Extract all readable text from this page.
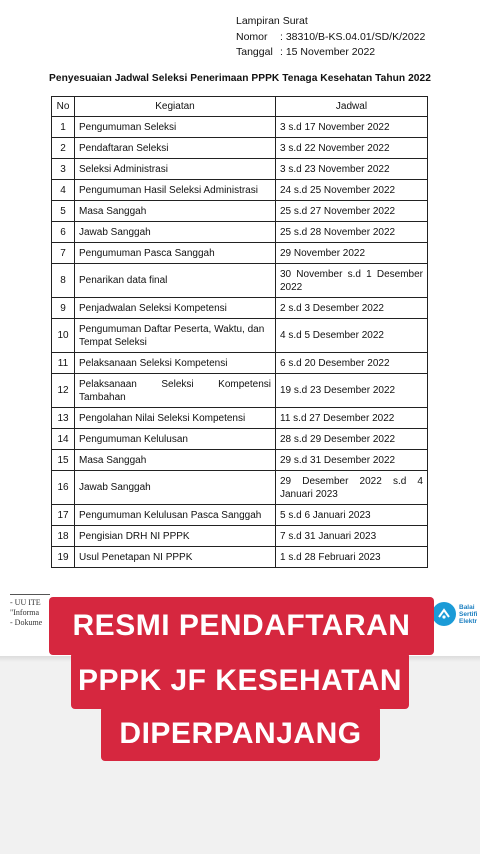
Lampiran Surat
Nomor	: 38310/B-KS.04.01/SD/K/2022
Tanggal : 15 November 2022
Penyesuaian Jadwal Seleksi Penerimaan PPPK Tenaga Kesehatan Tahun 2022
No	Kegiatan	Jadwal
1	Pengumuman Seleksi	3 s.d 17 November 2022
2	Pendaftaran Seleksi	3 s.d 22 November 2022
3	Seleksi Administrasi	3 s.d 23 November 2022
4	Pengumuman Hasil Seleksi Administrasi	24 s.d 25 November 2022
5	Masa Sanggah	25 s.d 27 November 2022
6	Jawab Sanggah	25 s.d 28 November 2022
7	Pengumuman Pasca Sanggah	29 November 2022
8	Penarikan data final	30 November s.d 1 Desember 2022
9	Penjadwalan Seleksi Kompetensi	2 s.d 3 Desember 2022
10	Pengumuman Daftar Peserta, Waktu, dan Tempat Seleksi	4 s.d 5 Desember 2022
11	Pelaksanaan Seleksi Kompetensi	6 s.d 20 Desember 2022
12	Pelaksanaan Seleksi Kompetensi Tambahan	19 s.d 23 Desember 2022
13	Pengolahan Nilai Seleksi Kompetensi	11 s.d 27 Desember 2022
14	Pengumuman Kelulusan	28 s.d 29 Desember 2022
15	Masa Sanggah	29 s.d 31 Desember 2022
16	Jawab Sanggah	29 Desember 2022 s.d 4 Januari 2023
17	Pengumuman Kelulusan Pasca Sanggah	5 s.d 6 Januari 2023
18	Pengisian DRH NI PPPK	7 s.d 31 Januari 2023
19	Usul Penetapan NI PPPK	1 s.d 28 Februari 2023
- UU ITE
"Informa
- Dokume
Balai
Sertifi
Elektr
RESMI PENDAFTARAN
PPPK JF KESEHATAN
DIPERPANJANG
